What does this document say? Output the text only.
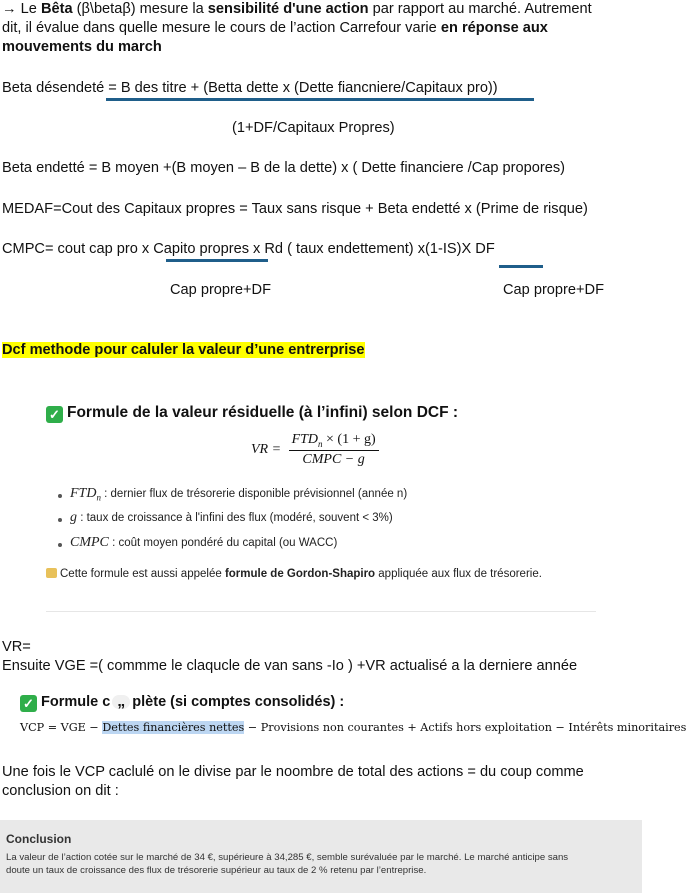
→ Le Bêta (β\betaβ) mesure la sensibilité d'une action par rapport au marché. Autrement
dit, il évalue dans quelle mesure le cours de l’action Carrefour varie en réponse aux
mouvements du march
Beta désendeté = B des titre + (Betta dette x (Dette fiancniere/Capitaux pro))
(1+DF/Capitaux Propres)
Beta endetté = B moyen +(B moyen – B de la dette) x ( Dette financiere /Cap propores)
MEDAF=Cout des Capitaux propres = Taux sans risque + Beta endetté x (Prime de risque)
CMPC= cout cap pro x Capito propres x Rd ( taux endettement) x(1-IS)X DF
Cap propre+DF	Cap propre+DF
Dcf methode pour caluler la valeur d’une entrerprise
✓ Formule de la valeur résiduelle (à l’infini) selon DCF :
VR = $\frac{FTD_n \times (1 + g)}{\text{CMPC − g}}$
$FTD_n$ : dernier flux de trésorerie disponible prévisionnel (année n)
g : taux de croissance à l'infini des flux (modéré, souvent < 3%)
CMPC : coût moyen pondéré du capital (ou WACC)
Cette formule est aussi appelée formule de Gordon-Shapiro appliquée aux flux de trésorerie.
VR=
Ensuite VGE =( commme le claqucle de van sans -Io ) +VR actualisé a la derniere année
✓ Formule c „ plète (si comptes consolidés) :
VCP = VGE − Dettes financières nettes − Provisions non courantes + Actifs hors exploitation − Intérêts minoritaires
Une fois le VCP caclulé on le divise par le noombre de total des actions = du coup comme
conclusion on dit :
Conclusion
La valeur de l’action cotée sur le marché de 34 €, supérieure à 34,285 €, semble surévaluée par le marché. Le marché anticipe sans
doute un taux de croissance des flux de trésorerie supérieur au taux de 2 % retenu par l’entreprise.
